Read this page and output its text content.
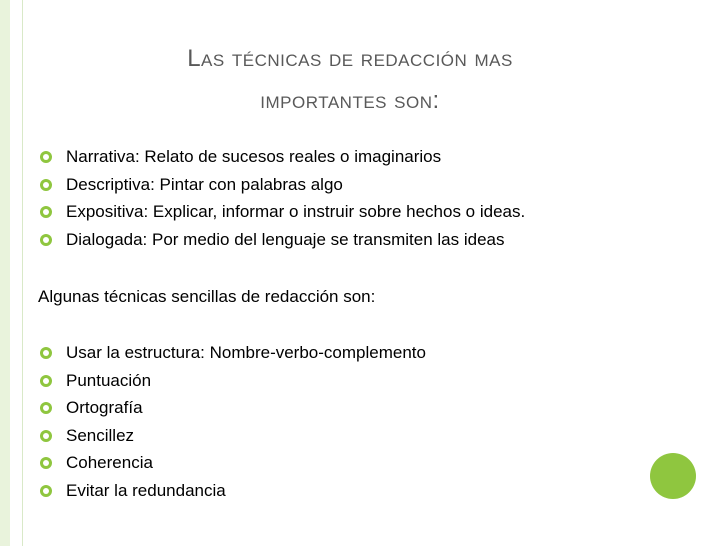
Las técnicas de redacción mas
importantes son:
Narrativa: Relato de sucesos reales o imaginarios
Descriptiva: Pintar con palabras algo
Expositiva: Explicar, informar o instruir sobre hechos o ideas.
Dialogada: Por medio del lenguaje se transmiten las ideas
Algunas técnicas sencillas de redacción son:
Usar la estructura: Nombre-verbo-complemento
Puntuación
Ortografía
Sencillez
Coherencia
Evitar la redundancia
